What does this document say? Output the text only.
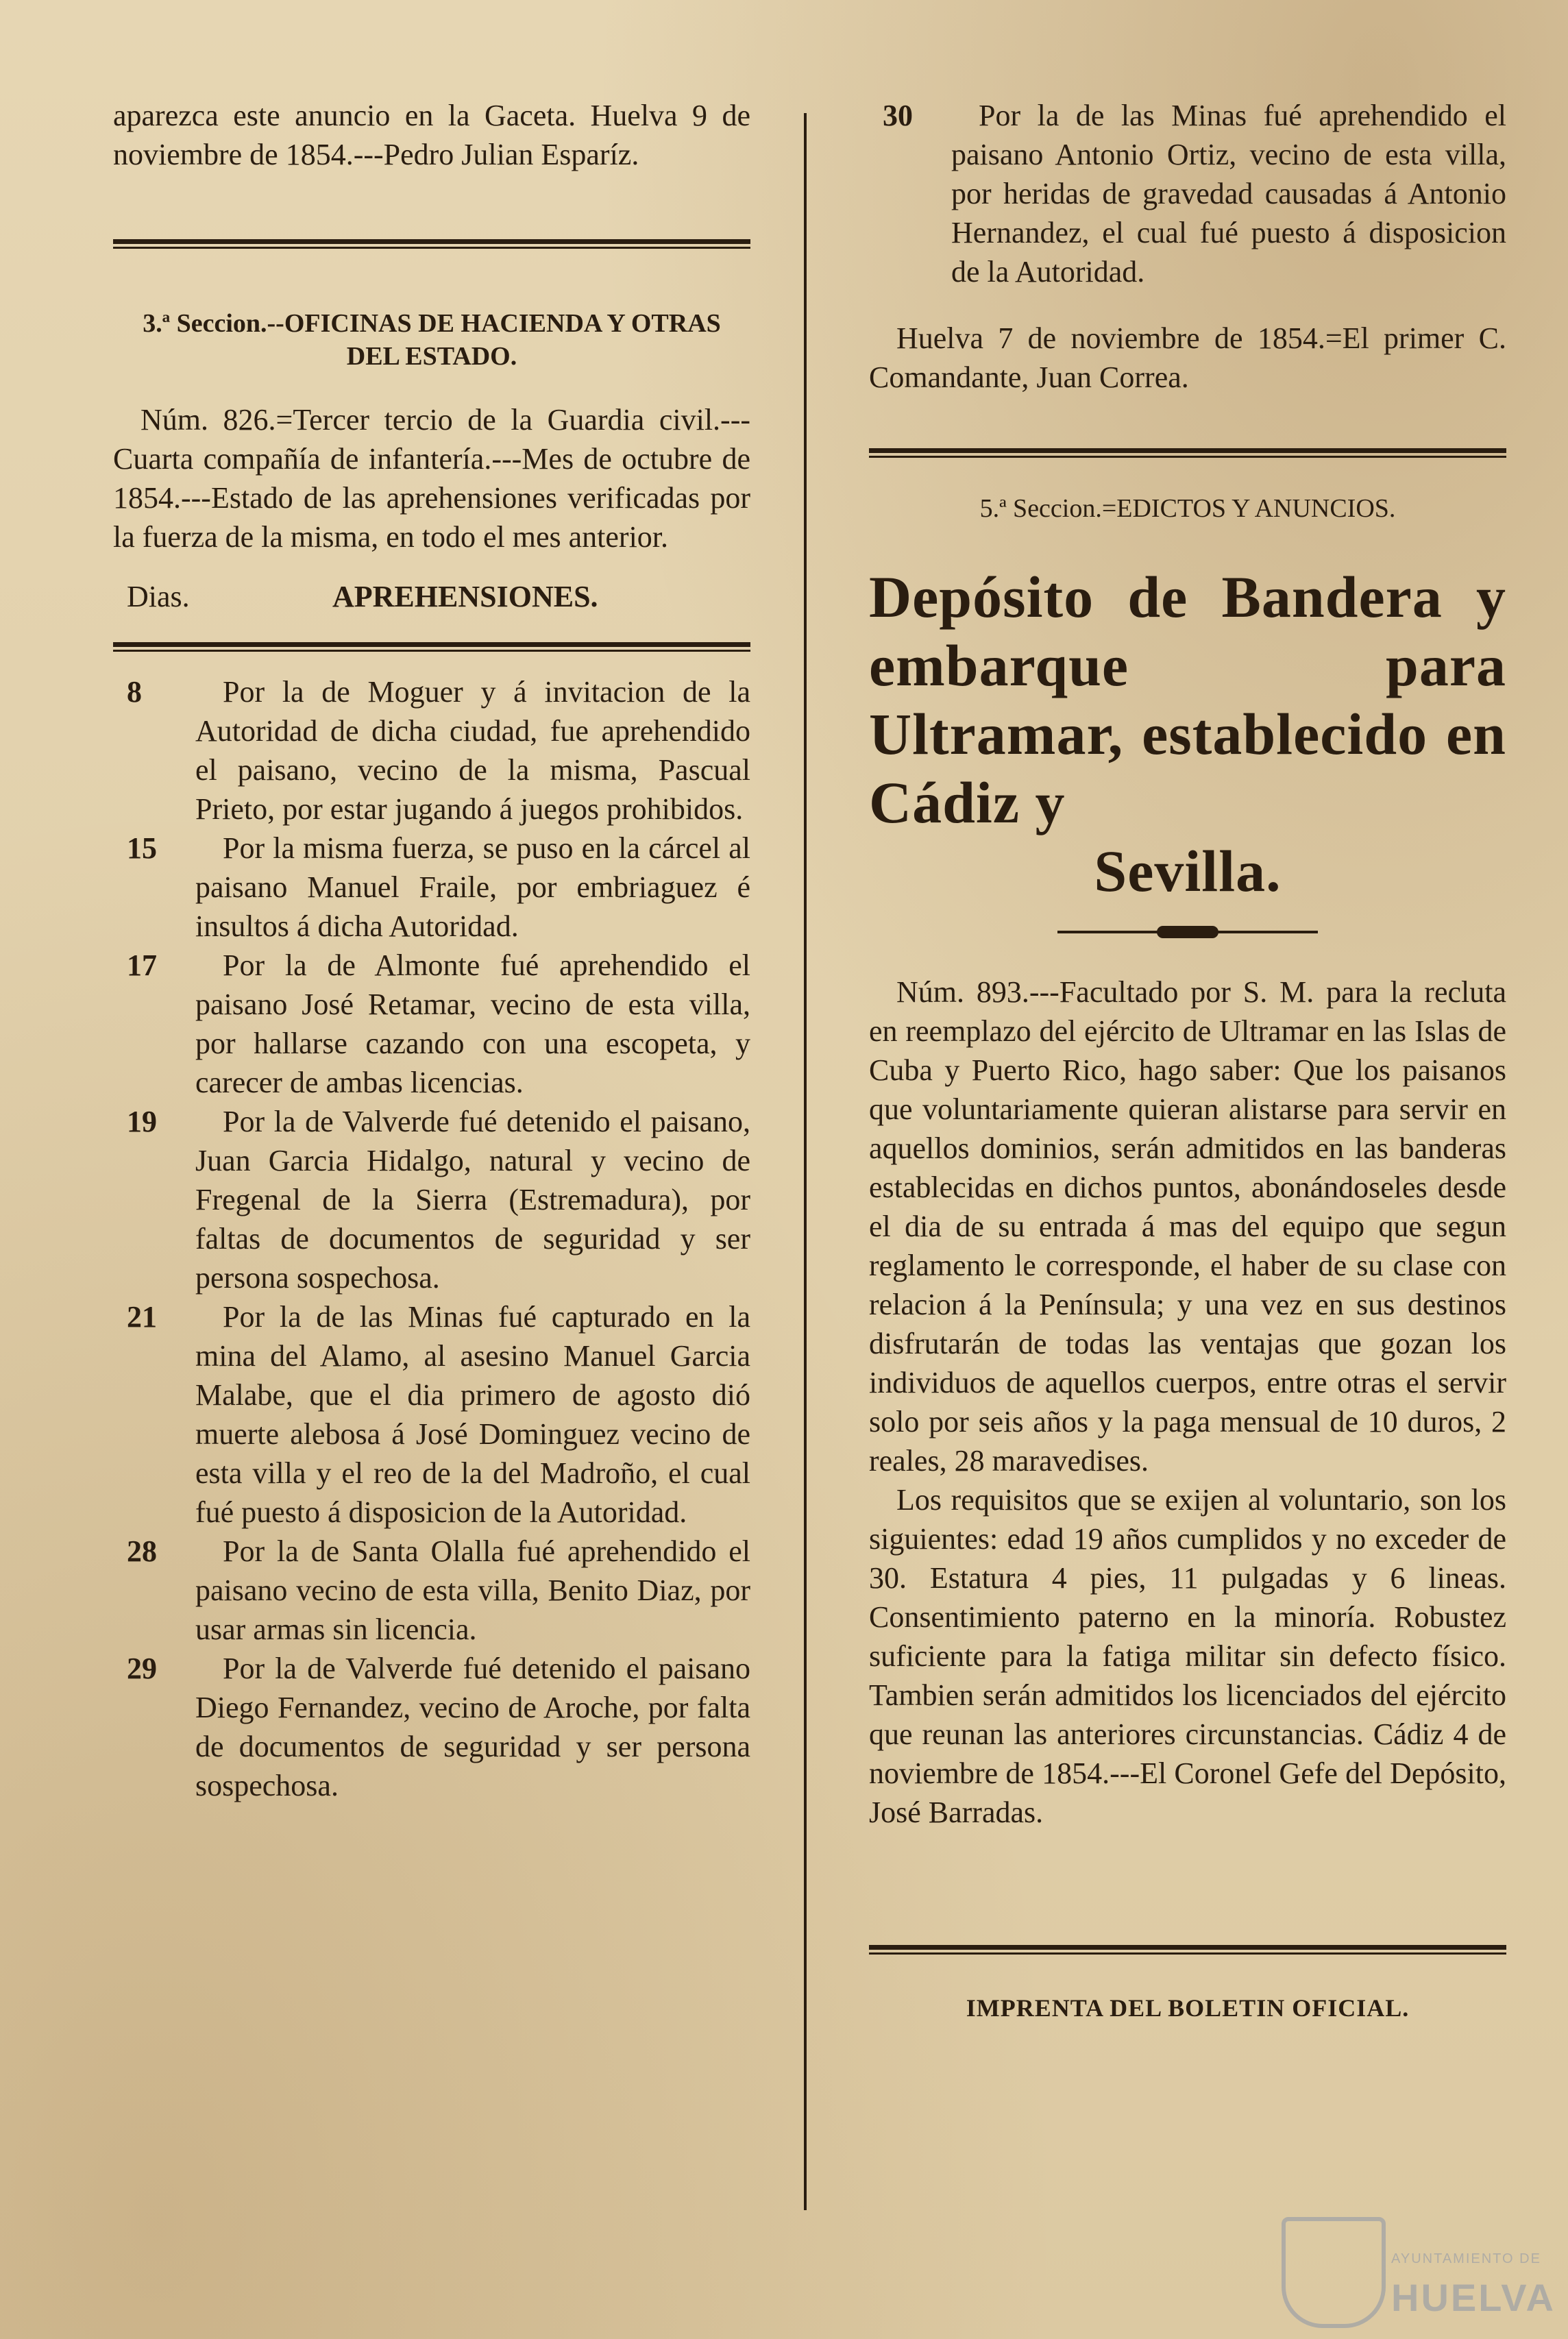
aparezca este anuncio en la Gaceta. Huelva 9 de noviembre de 1854.---Pedro Julian Esparíz.

3.ª Seccion.--OFICINAS DE HACIENDA Y OTRAS DEL ESTADO.

Núm. 826.=Tercer tercio de la Guardia civil.---Cuarta compañía de infantería.---Mes de octubre de 1854.---Estado de las aprehensiones verificadas por la fuerza de la misma, en todo el mes anterior.

Dias.	APREHENSIONES.
8	Por la de Moguer y á invitacion de la Autoridad de dicha ciudad, fue aprehendido el paisano, vecino de la misma, Pascual Prieto, por estar jugando á juegos prohibidos.
15	Por la misma fuerza, se puso en la cárcel al paisano Manuel Fraile, por embriaguez é insultos á dicha Autoridad.
17	Por la de Almonte fué aprehendido el paisano José Retamar, vecino de esta villa, por hallarse cazando con una escopeta, y carecer de ambas licencias.
19	Por la de Valverde fué detenido el paisano, Juan Garcia Hidalgo, natural y vecino de Fregenal de la Sierra (Estremadura), por faltas de documentos de seguridad y ser persona sospechosa.
21	Por la de las Minas fué capturado en la mina del Alamo, al asesino Manuel Garcia Malabe, que el dia primero de agosto dió muerte alebosa á José Dominguez vecino de esta villa y el reo de la del Madroño, el cual fué puesto á disposicion de la Autoridad.
28	Por la de Santa Olalla fué aprehendido el paisano vecino de esta villa, Benito Diaz, por usar armas sin licencia.
29	Por la de Valverde fué detenido el paisano Diego Fernandez, vecino de Aroche, por falta de documentos de seguridad y ser persona sospechosa.
30	Por la de las Minas fué aprehendido el paisano Antonio Ortiz, vecino de esta villa, por heridas de gravedad causadas á Antonio Hernandez, el cual fué puesto á disposicion de la Autoridad.

Huelva 7 de noviembre de 1854.=El primer C. Comandante, Juan Correa.

5.ª Seccion.=EDICTOS Y ANUNCIOS.

Depósito de Bandera y embarque para Ultramar, establecido en Cádiz y
Sevilla.

Núm. 893.---Facultado por S. M. para la recluta en reemplazo del ejército de Ultramar en las Islas de Cuba y Puerto Rico, hago saber: Que los paisanos que voluntariamente quieran alistarse para servir en aquellos dominios, serán admitidos en las banderas establecidas en dichos puntos, abonándoseles desde el dia de su entrada á mas del equipo que segun reglamento le corresponde, el haber de su clase con relacion á la Península; y una vez en sus destinos disfrutarán de todas las ventajas que gozan los individuos de aquellos cuerpos, entre otras el servir solo por seis años y la paga mensual de 10 duros, 2 reales, 28 maravedises.

Los requisitos que se exijen al voluntario, son los siguientes: edad 19 años cumplidos y no exceder de 30. Estatura 4 pies, 11 pulgadas y 6 lineas. Consentimiento paterno en la minoría. Robustez suficiente para la fatiga militar sin defecto físico. Tambien serán admitidos los licenciados del ejército que reunan las anteriores circunstancias. Cádiz 4 de noviembre de 1854.---El Coronel Gefe del Depósito, José Barradas.

IMPRENTA DEL BOLETIN OFICIAL.

AYUNTAMIENTO DE
HUELVA
